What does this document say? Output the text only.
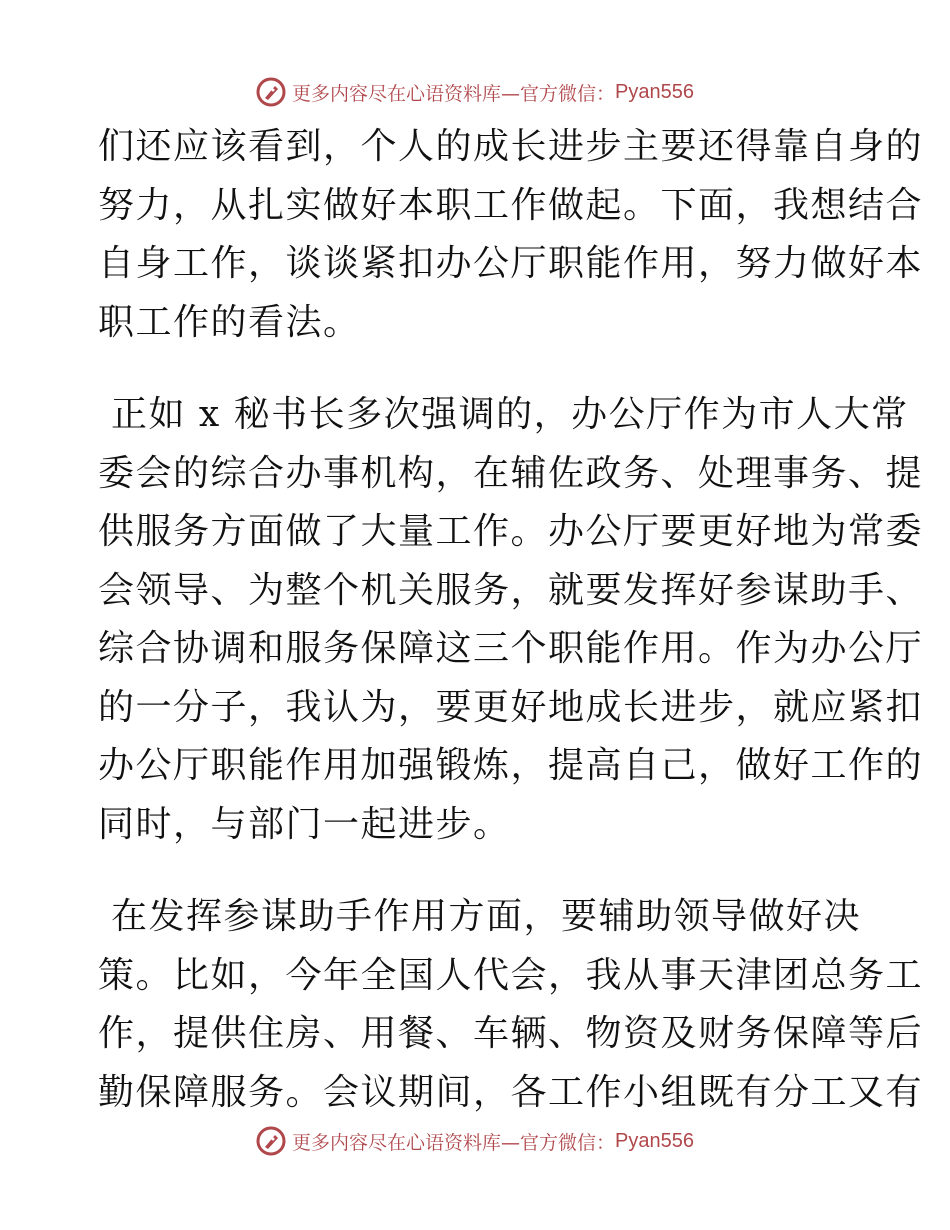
更多内容尽在心语资料库—官方微信： Pyan556
们还应该看到，个人的成长进步主要还得靠自身的
努力，从扎实做好本职工作做起。下面，我想结合
自身工作，谈谈紧扣办公厅职能作用，努力做好本
职工作的看法。
正如 x 秘书长多次强调的，办公厅作为市人大常
委会的综合办事机构，在辅佐政务、处理事务、提
供服务方面做了大量工作。办公厅要更好地为常委
会领导、为整个机关服务，就要发挥好参谋助手、
综合协调和服务保障这三个职能作用。作为办公厅
的一分子，我认为，要更好地成长进步，就应紧扣
办公厅职能作用加强锻炼，提高自己，做好工作的
同时，与部门一起进步。
在发挥参谋助手作用方面，要辅助领导做好决
策。比如，今年全国人代会，我从事天津团总务工
作，提供住房、用餐、车辆、物资及财务保障等后
勤保障服务。会议期间，各工作小组既有分工又有
更多内容尽在心语资料库—官方微信： Pyan556
